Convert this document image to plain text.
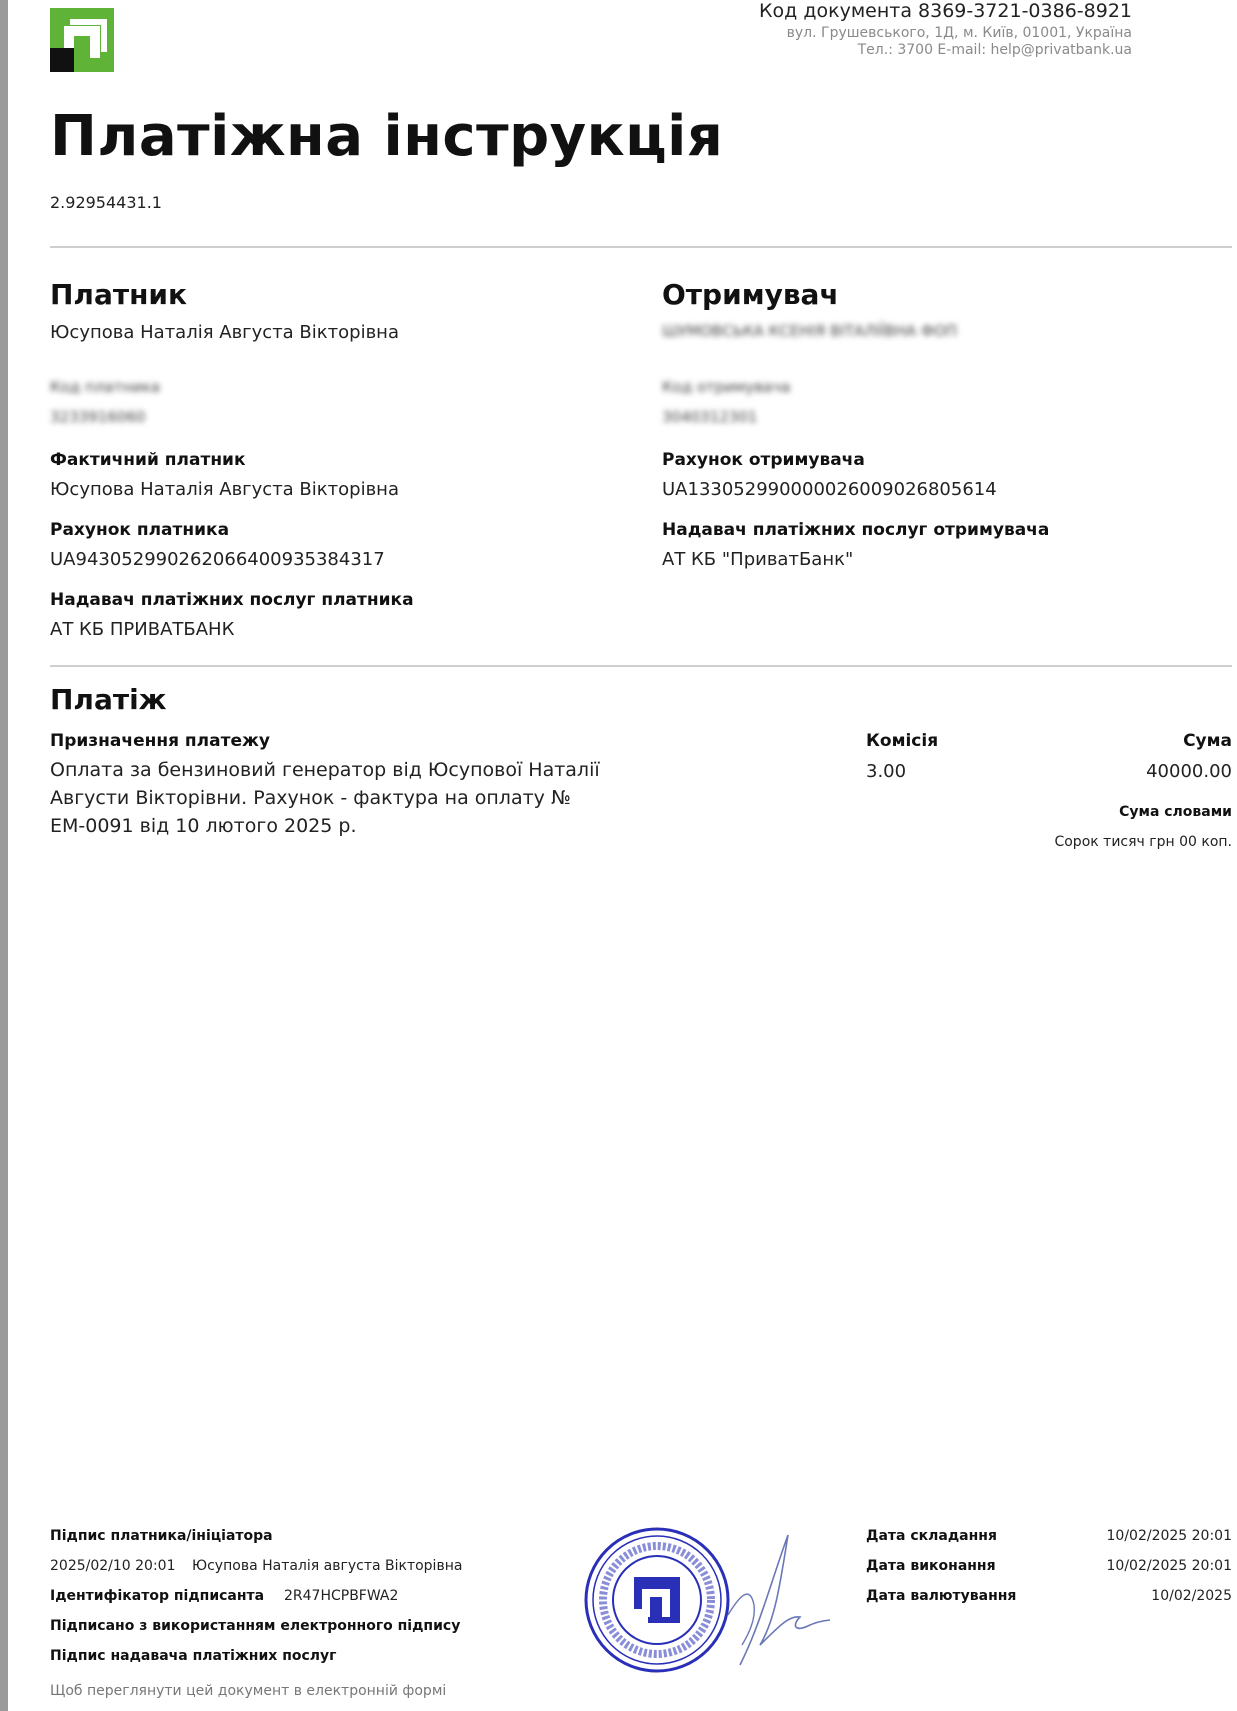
Код документа 8369-3721-0386-8921
вул. Грушевського, 1Д, м. Київ, 01001, Україна
Тел.: 3700 E-mail: help@privatbank.ua
Платіжна інструкція
2.92954431.1
Платник
Юсупова Наталія Августа Вікторівна
Код платника
3233916060
Фактичний платник
Юсупова Наталія Августа Вікторівна
Рахунок платника
UA943052990262066400935384317
Надавач платіжних послуг платника
АТ КБ ПРИВАТБАНК
Отримувач
ШУМОВСЬКА КСЕНІЯ ВІТАЛІЇВНА ФОП
Код отримувача
3040312301
Рахунок отримувача
UA133052990000026009026805614
Надавач платіжних послуг отримувача
АТ КБ "ПриватБанк"
Платіж
Призначення платежу
Оплата за бензиновий генератор від Юсупової Наталії Августи Вікторівни. Рахунок - фактура на оплату № ЕМ-0091 від 10 лютого 2025 р.
Комісія
3.00
Сума
40000.00
Сума словами
Сорок тисяч грн 00 коп.
Підпис платника/ініціатора
2025/02/10 20:01 Юсупова Наталія августа Вікторівна
Ідентифікатор підписанта 2R47HCPBFWA2
Підписано з використанням електронного підпису
Підпис надавача платіжних послуг
Щоб переглянути цей документ в електронній формі
Дата складання	10/02/2025 20:01
Дата виконання	10/02/2025 20:01
Дата валютування	10/02/2025
